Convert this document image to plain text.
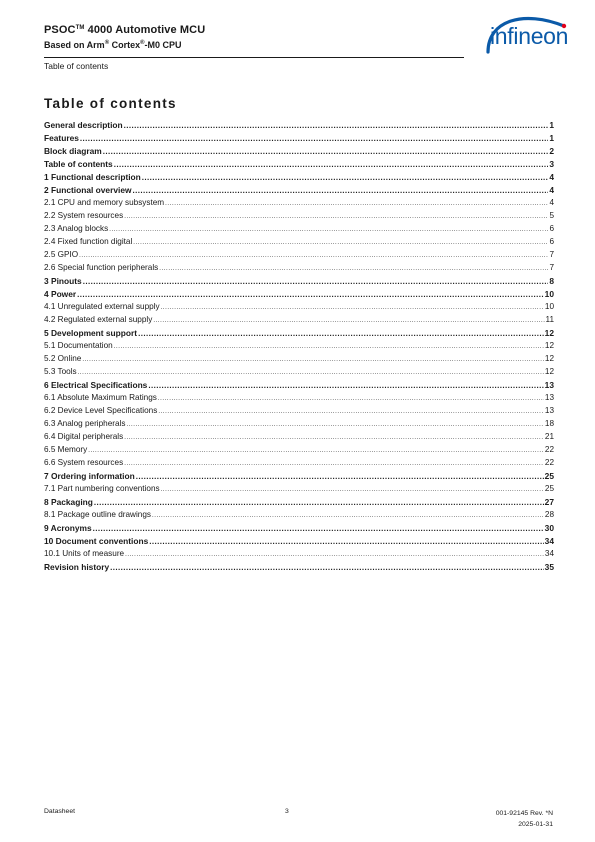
PSOC™ 4000 Automotive MCU
Based on Arm® Cortex®-M0 CPU
Table of contents
infineon
Table of contents
General description .....	1
Features .....	1
Block diagram .....	2
Table of contents .....	3
1 Functional description .....	4
2 Functional overview .....	4
2.1 CPU and memory subsystem .....	4
2.2 System resources .....	5
2.3 Analog blocks .....	6
2.4 Fixed function digital .....	6
2.5 GPIO .....	7
2.6 Special function peripherals .....	7
3 Pinouts .....	8
4 Power .....	10
4.1 Unregulated external supply .....	10
4.2 Regulated external supply .....	11
5 Development support .....	12
5.1 Documentation .....	12
5.2 Online .....	12
5.3 Tools .....	12
6 Electrical Specifications .....	13
6.1 Absolute Maximum Ratings .....	13
6.2 Device Level Specifications .....	13
6.3 Analog peripherals .....	18
6.4 Digital peripherals .....	21
6.5 Memory .....	22
6.6 System resources .....	22
7 Ordering information .....	25
7.1 Part numbering conventions .....	25
8 Packaging .....	27
8.1 Package outline drawings .....	28
9 Acronyms .....	30
10 Document conventions .....	34
10.1 Units of measure .....	34
Revision history .....	35
Datasheet	3	001-92145 Rev. *N
2025-01-31
